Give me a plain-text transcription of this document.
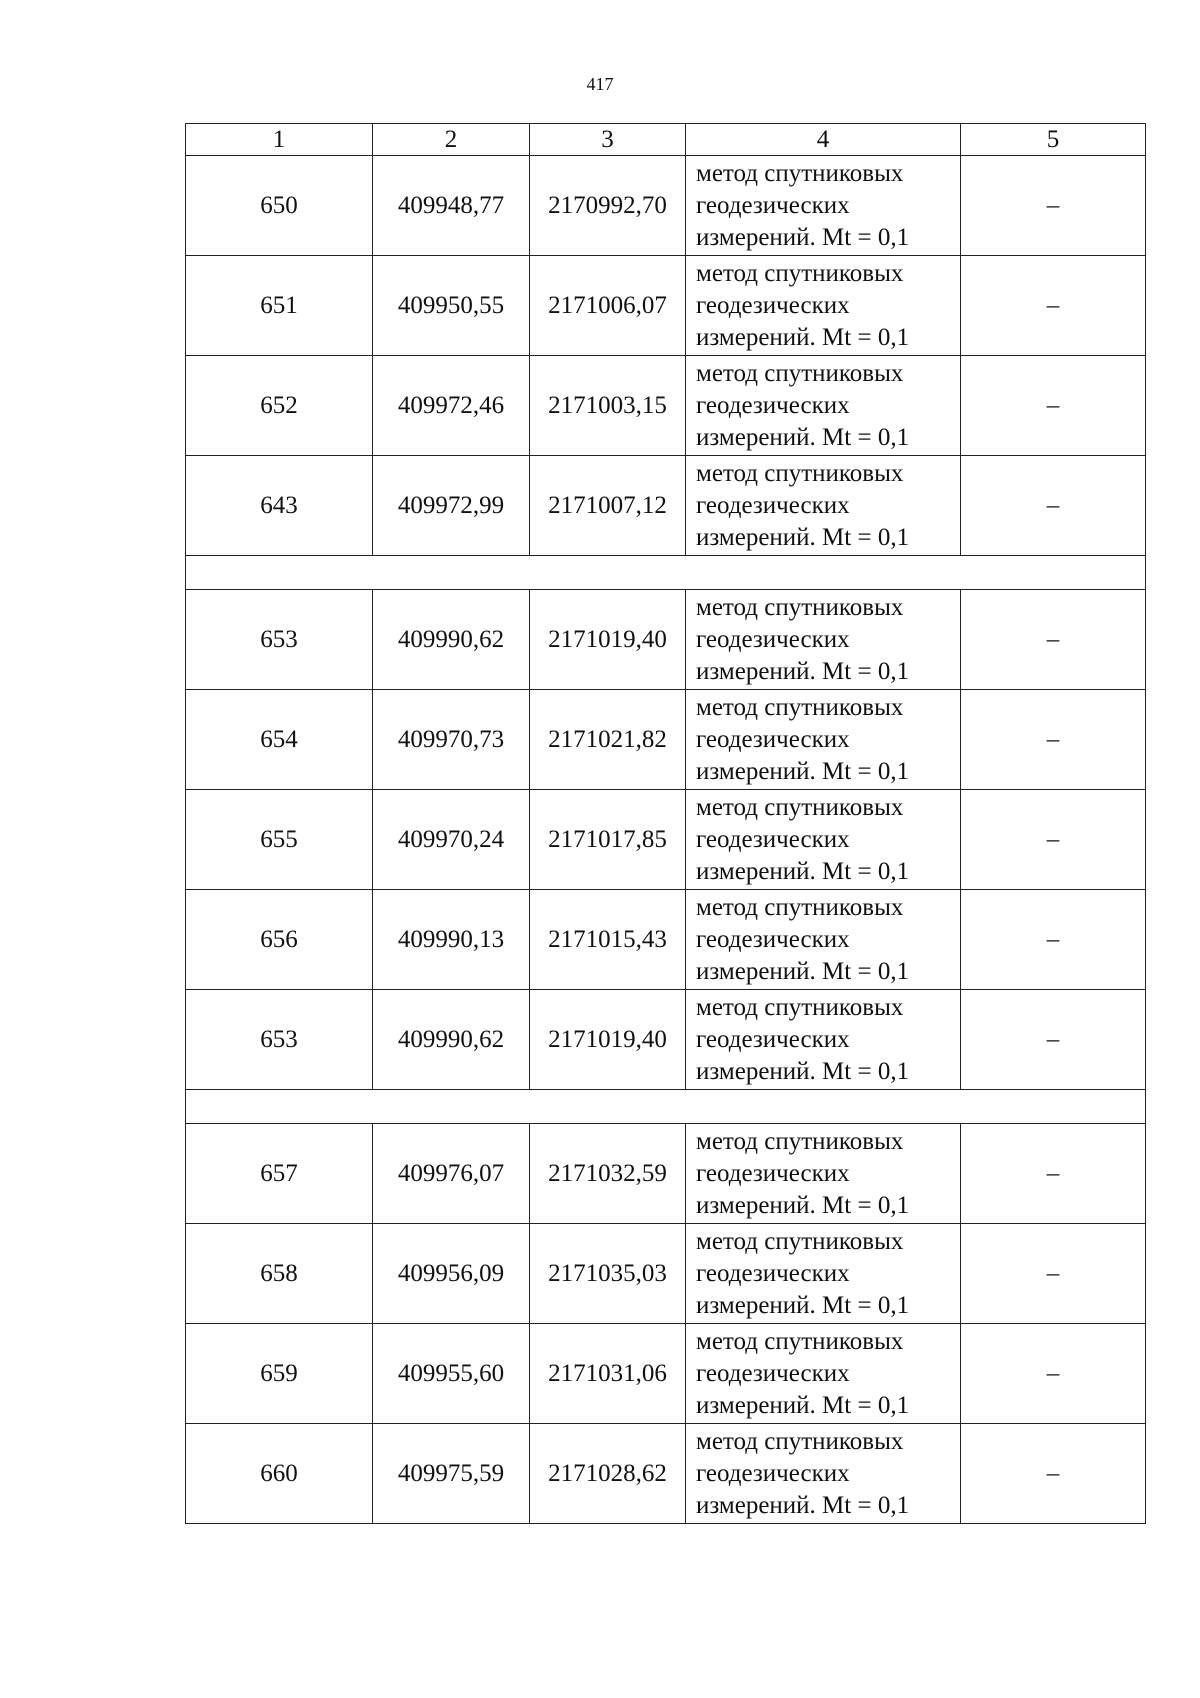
417
1	2	3	4	5
650	409948,77	2170992,70	метод спутниковых
геодезических
измерений. Mt = 0,1	–
651	409950,55	2171006,07	метод спутниковых
геодезических
измерений. Mt = 0,1	–
652	409972,46	2171003,15	метод спутниковых
геодезических
измерений. Mt = 0,1	–
643	409972,99	2171007,12	метод спутниковых
геодезических
измерений. Mt = 0,1	–

653	409990,62	2171019,40	метод спутниковых
геодезических
измерений. Mt = 0,1	–
654	409970,73	2171021,82	метод спутниковых
геодезических
измерений. Mt = 0,1	–
655	409970,24	2171017,85	метод спутниковых
геодезических
измерений. Mt = 0,1	–
656	409990,13	2171015,43	метод спутниковых
геодезических
измерений. Mt = 0,1	–
653	409990,62	2171019,40	метод спутниковых
геодезических
измерений. Mt = 0,1	–

657	409976,07	2171032,59	метод спутниковых
геодезических
измерений. Mt = 0,1	–
658	409956,09	2171035,03	метод спутниковых
геодезических
измерений. Mt = 0,1	–
659	409955,60	2171031,06	метод спутниковых
геодезических
измерений. Mt = 0,1	–
660	409975,59	2171028,62	метод спутниковых
геодезических
измерений. Mt = 0,1	–
